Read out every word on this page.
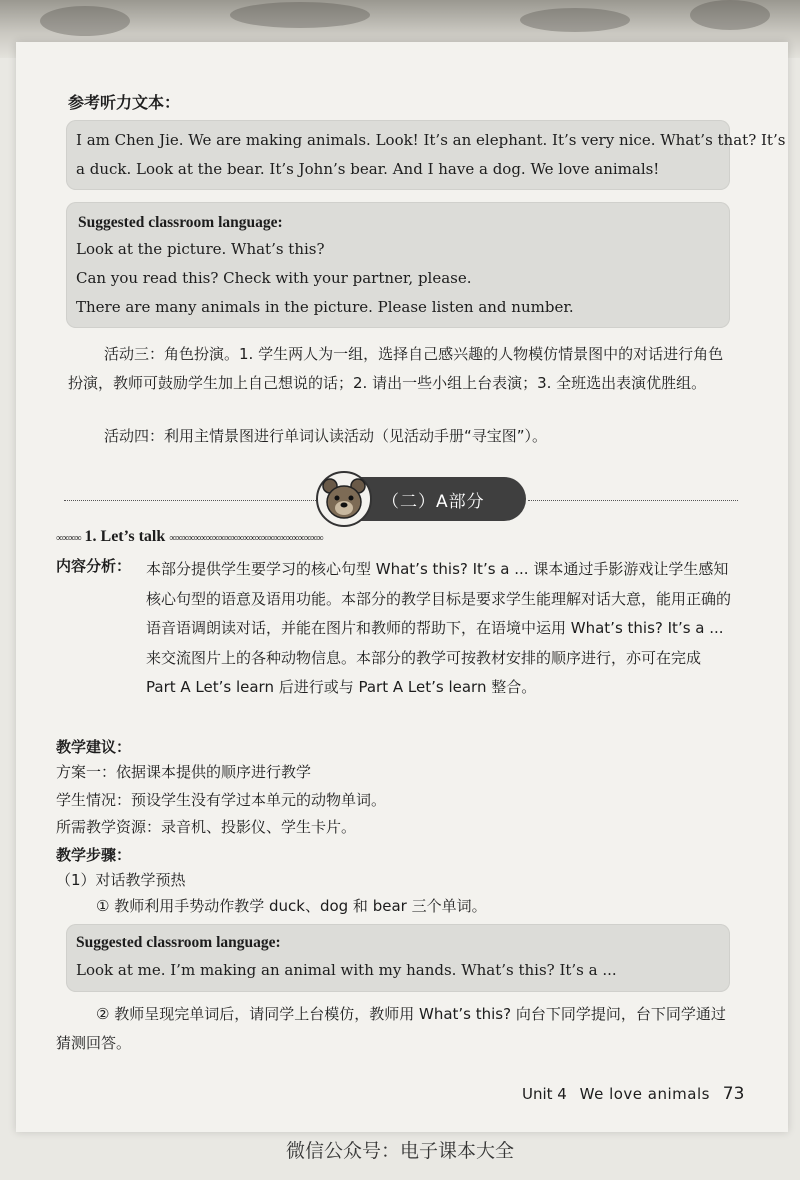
参考听力文本：

I am Chen Jie. We are making animals. Look! It’s an elephant. It’s very nice. What’s that? It’s

a duck. Look at the bear. It’s John’s bear. And I have a dog. We love animals!

Suggested classroom language:

Look at the picture. What’s this?

Can you read this? Check with your partner, please.

There are many animals in the picture. Please listen and number.

活动三：角色扮演。1. 学生两人为一组，选择自己感兴趣的人物模仿情景图中的对话进行角色扮演，教师可鼓励学生加上自己想说的话；2. 请出一些小组上台表演；3. 全班选出表演优胜组。
活动四：利用主情景图进行单词认读活动（见活动手册“寻宝图”）。
（二）A部分
∞∞∞∞ 1. Let’s talk ∞∞∞∞∞∞∞∞∞∞∞∞∞∞∞∞∞∞∞∞∞∞∞∞∞
内容分析： 本部分提供学生要学习的核心句型 What’s this? It’s a ... 课本通过手影游戏让学生感知核心句型的语意及语用功能。本部分的教学目标是要求学生能理解对话大意，能用正确的语音语调朗读对话，并能在图片和教师的帮助下，在语境中运用 What’s this? It’s a ... 来交流图片上的各种动物信息。本部分的教学可按教材安排的顺序进行，亦可在完成 Part A Let’s learn 后进行或与 Part A Let’s learn 整合。
教学建议：
方案一：依据课本提供的顺序进行教学
学生情况：预设学生没有学过本单元的动物单词。
所需教学资源：录音机、投影仪、学生卡片。
教学步骤：
（1）对话教学预热
① 教师利用手势动作教学 duck、dog 和 bear 三个单词。

Suggested classroom language:

Look at me. I’m making an animal with my hands. What’s this? It’s a ...

② 教师呈现完单词后，请同学上台模仿，教师用 What’s this? 向台下同学提问，台下同学通过猜测回答。
Unit 4 We love animals 73
微信公众号：电子课本大全
